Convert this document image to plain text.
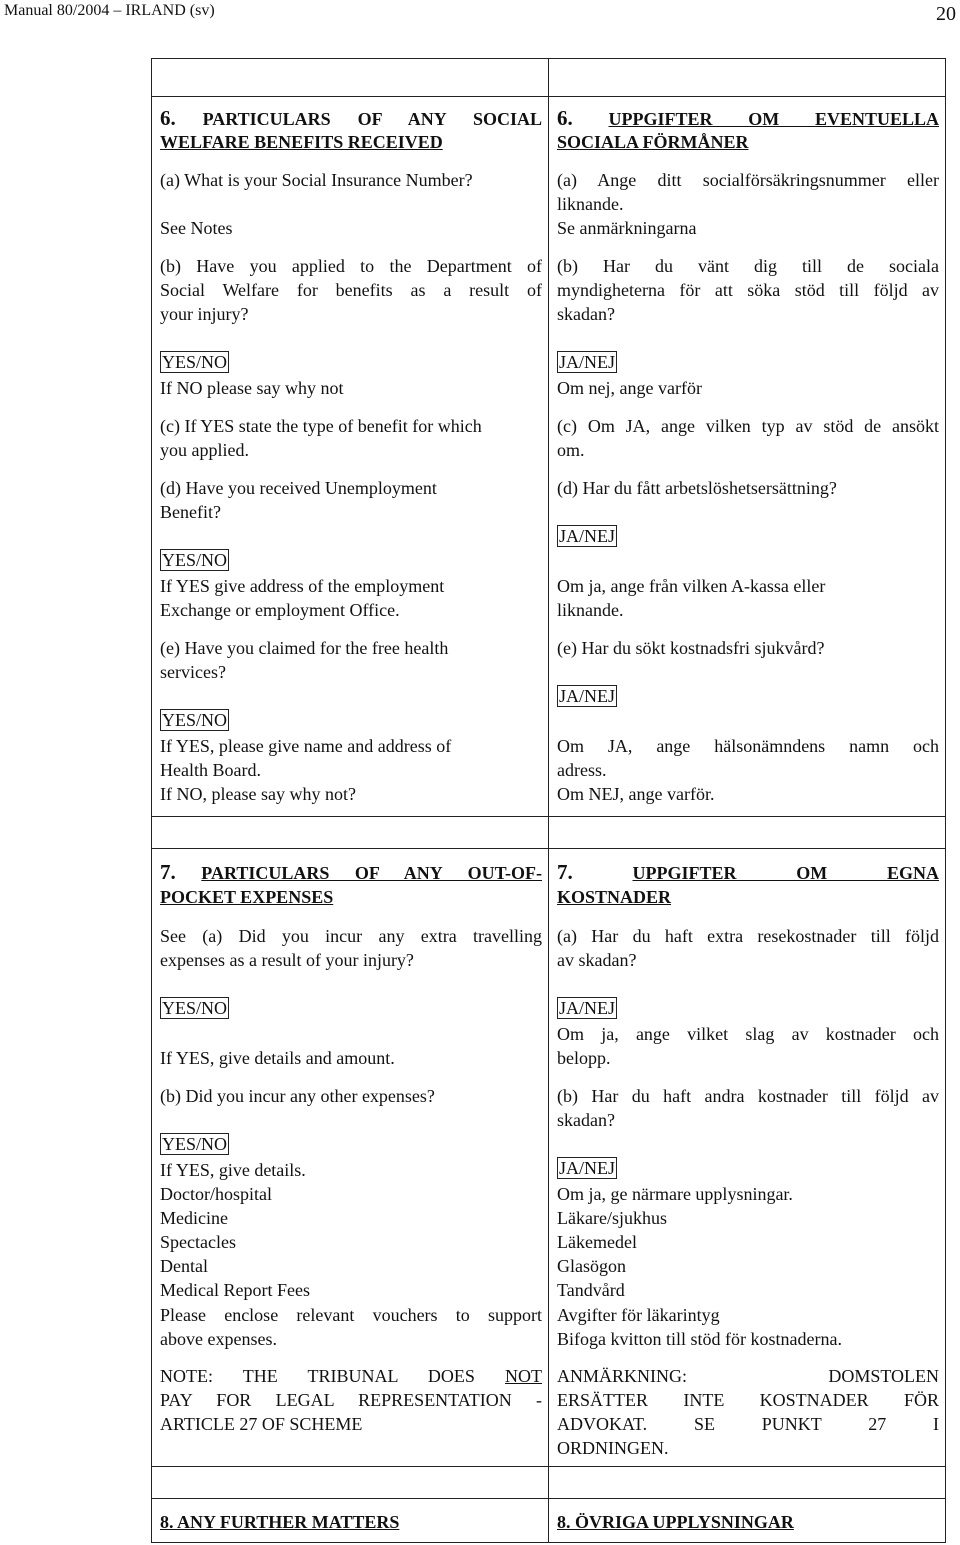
Manual 80/2004 – IRLAND (sv)	20
6. PARTICULARS OF ANY SOCIAL
WELFARE BENEFITS RECEIVED
(a) What is your Social Insurance Number?
See Notes
(b) Have you applied to the Department of
Social Welfare for benefits as a result of
your injury?
YES/NO
If NO please say why not
(c) If YES state the type of benefit for which
you applied.
(d) Have you received Unemployment
Benefit?
YES/NO
If YES give address of the employment
Exchange or employment Office.
(e) Have you claimed for the free health
services?
YES/NO
If YES, please give name and address of
Health Board.
If NO, please say why not?
7. PARTICULARS OF ANY OUT-OF-
POCKET EXPENSES
See (a) Did you incur any extra travelling
expenses as a result of your injury?
YES/NO
If YES, give details and amount.
(b) Did you incur any other expenses?
YES/NO
If YES, give details.
Doctor/hospital
Medicine
Spectacles
Dental
Medical Report Fees
Please enclose relevant vouchers to support
above expenses.
NOTE: THE TRIBUNAL DOES NOT
PAY FOR LEGAL REPRESENTATION -
ARTICLE 27 OF SCHEME
8. ANY FURTHER MATTERS
6. UPPGIFTER OM EVENTUELLA
SOCIALA FÖRMÅNER
(a) Ange ditt socialförsäkringsnummer eller
liknande.
Se anmärkningarna
(b) Har du vänt dig till de sociala
myndigheterna för att söka stöd till följd av
skadan?
JA/NEJ
Om nej, ange varför
(c) Om JA, ange vilken typ av stöd de ansökt
om.
(d) Har du fått arbetslöshetsersättning?
JA/NEJ
Om ja, ange från vilken A-kassa eller
liknande.
(e) Har du sökt kostnadsfri sjukvård?
JA/NEJ
Om JA, ange hälsonämndens namn och
adress.
Om NEJ, ange varför.
7.	UPPGIFTER OM EGNA
KOSTNADER
(a) Har du haft extra resekostnader till följd
av skadan?
JA/NEJ
Om ja, ange vilket slag av kostnader och
belopp.
(b) Har du haft andra kostnader till följd av
skadan?
JA/NEJ
Om ja, ge närmare upplysningar.
Läkare/sjukhus
Läkemedel
Glasögon
Tandvård
Avgifter för läkarintyg
Bifoga kvitton till stöd för kostnaderna.
ANMÄRKNING: DOMSTOLEN
ERSÄTTER INTE KOSTNADER FÖR
ADVOKAT. SE PUNKT 27 I
ORDNINGEN.
8. ÖVRIGA UPPLYSNINGAR
